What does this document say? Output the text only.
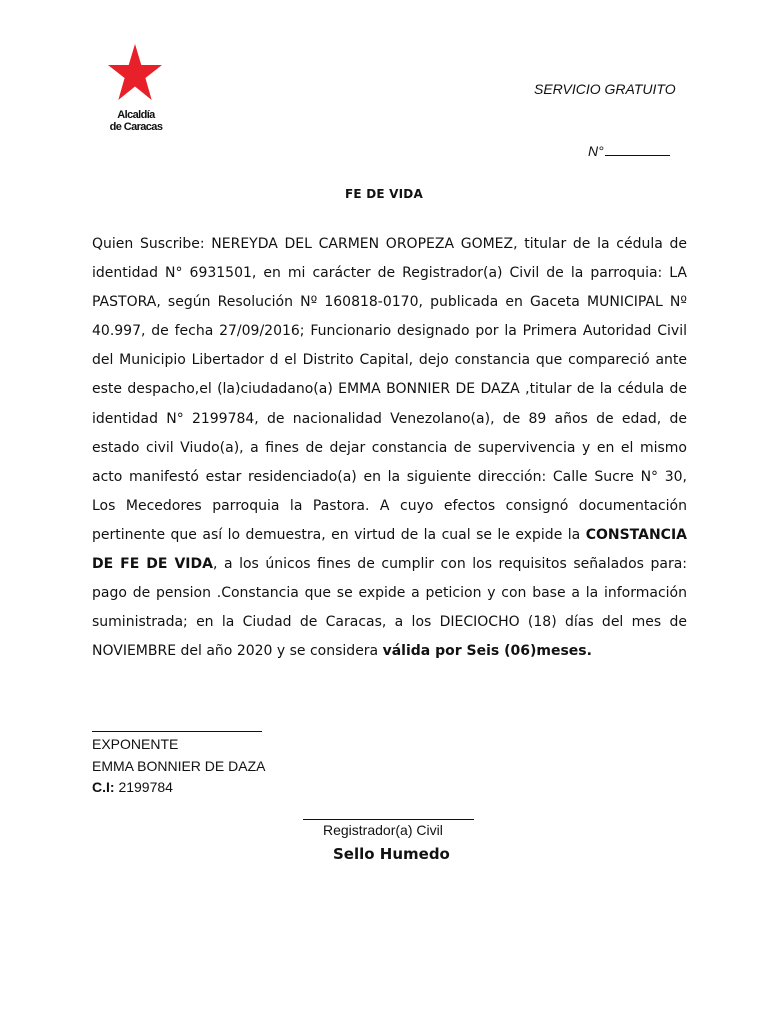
Alcaldía
de Caracas
SERVICIO GRATUITO
N°
FE DE VIDA
Quien Suscribe: NEREYDA DEL CARMEN OROPEZA GOMEZ, titular de la cédula de identidad N° 6931501, en mi carácter de Registrador(a) Civil de la parroquia: LA PASTORA, según Resolución Nº 160818-0170, publicada en Gaceta MUNICIPAL Nº 40.997, de fecha 27/09/2016; Funcionario designado por la Primera Autoridad Civil del Municipio Libertador d el Distrito Capital, dejo constancia que compareció ante este despacho,el (la)ciudadano(a) EMMA BONNIER DE DAZA ,titular de la cédula de identidad N° 2199784, de nacionalidad Venezolano(a), de 89 años de edad, de estado civil Viudo(a), a fines de dejar constancia de supervivencia y en el mismo acto manifestó estar residenciado(a) en la siguiente dirección: Calle Sucre N° 30, Los Mecedores parroquia la Pastora. A cuyo efectos consignó documentación pertinente que así lo demuestra, en virtud de la cual se le expide la CONSTANCIA DE FE DE VIDA, a los únicos fines de cumplir con los requisitos señalados para: pago de pension .Constancia que se expide a peticion y con base a la información suministrada; en la Ciudad de Caracas, a los DIECIOCHO (18) días del mes de NOVIEMBRE del año 2020 y se considera válida por Seis (06)meses.
EXPONENTE
EMMA BONNIER DE DAZA
C.I: 2199784
Registrador(a) Civil
Sello Humedo
